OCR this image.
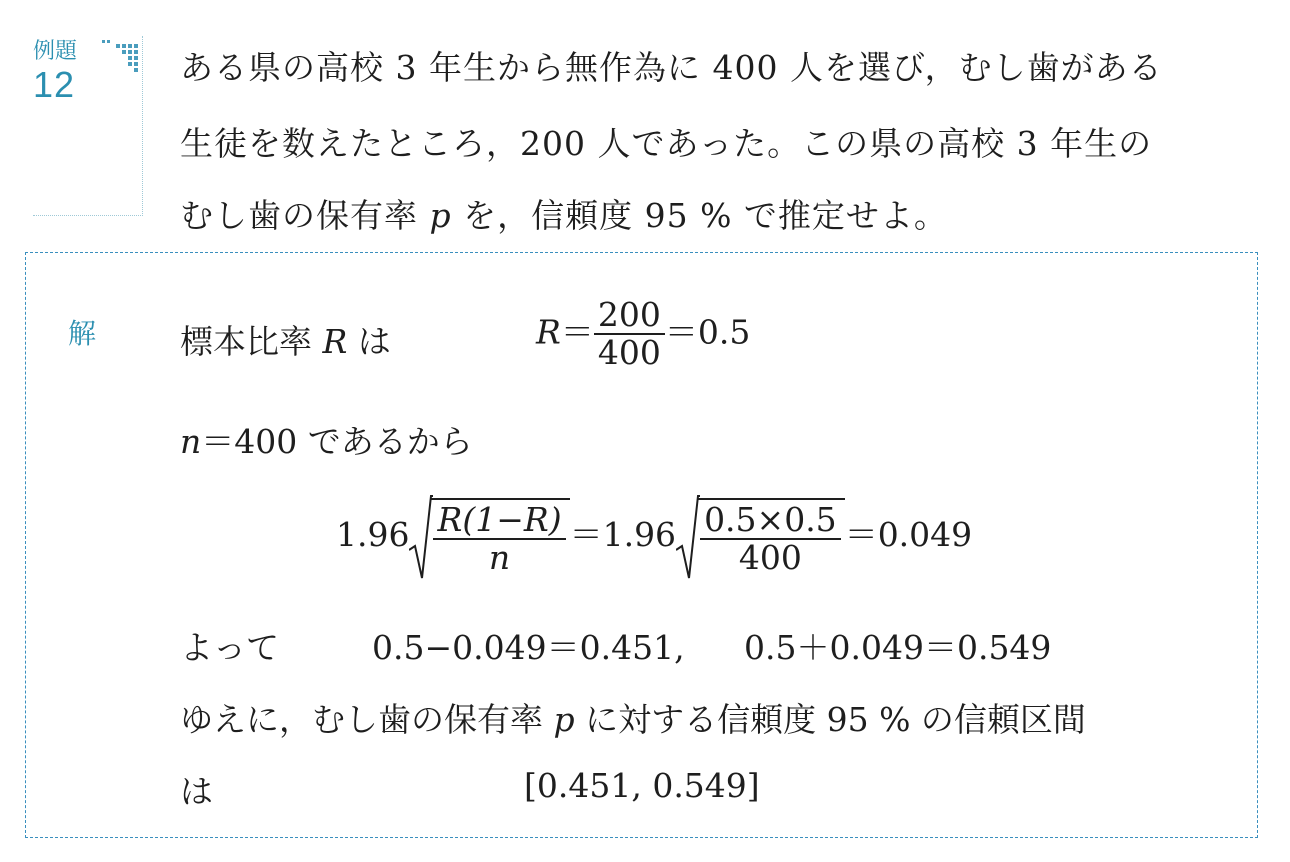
例題
12	ある県の高校 3 年生から無作為に 400 人を選び，むし歯がある
生徒を数えたところ，200 人であった。この県の高校 3 年生の
むし歯の保有率 p を，信頼度 95 % で推定せよ。
解	標本比率 R は	$R= \frac{200}{400} =0.5$
n＝400 であるから
$1.96 \frac{R(1-R)}{n} =1.96 \frac{0.5\times 0.5}{400} =0.049$
よって	0.5−0.049＝0.451, 0.5＋0.049＝0.549
ゆえに，むし歯の保有率 p に対する信頼度 95 % の信頼区間
は	[0.451, 0.549]
